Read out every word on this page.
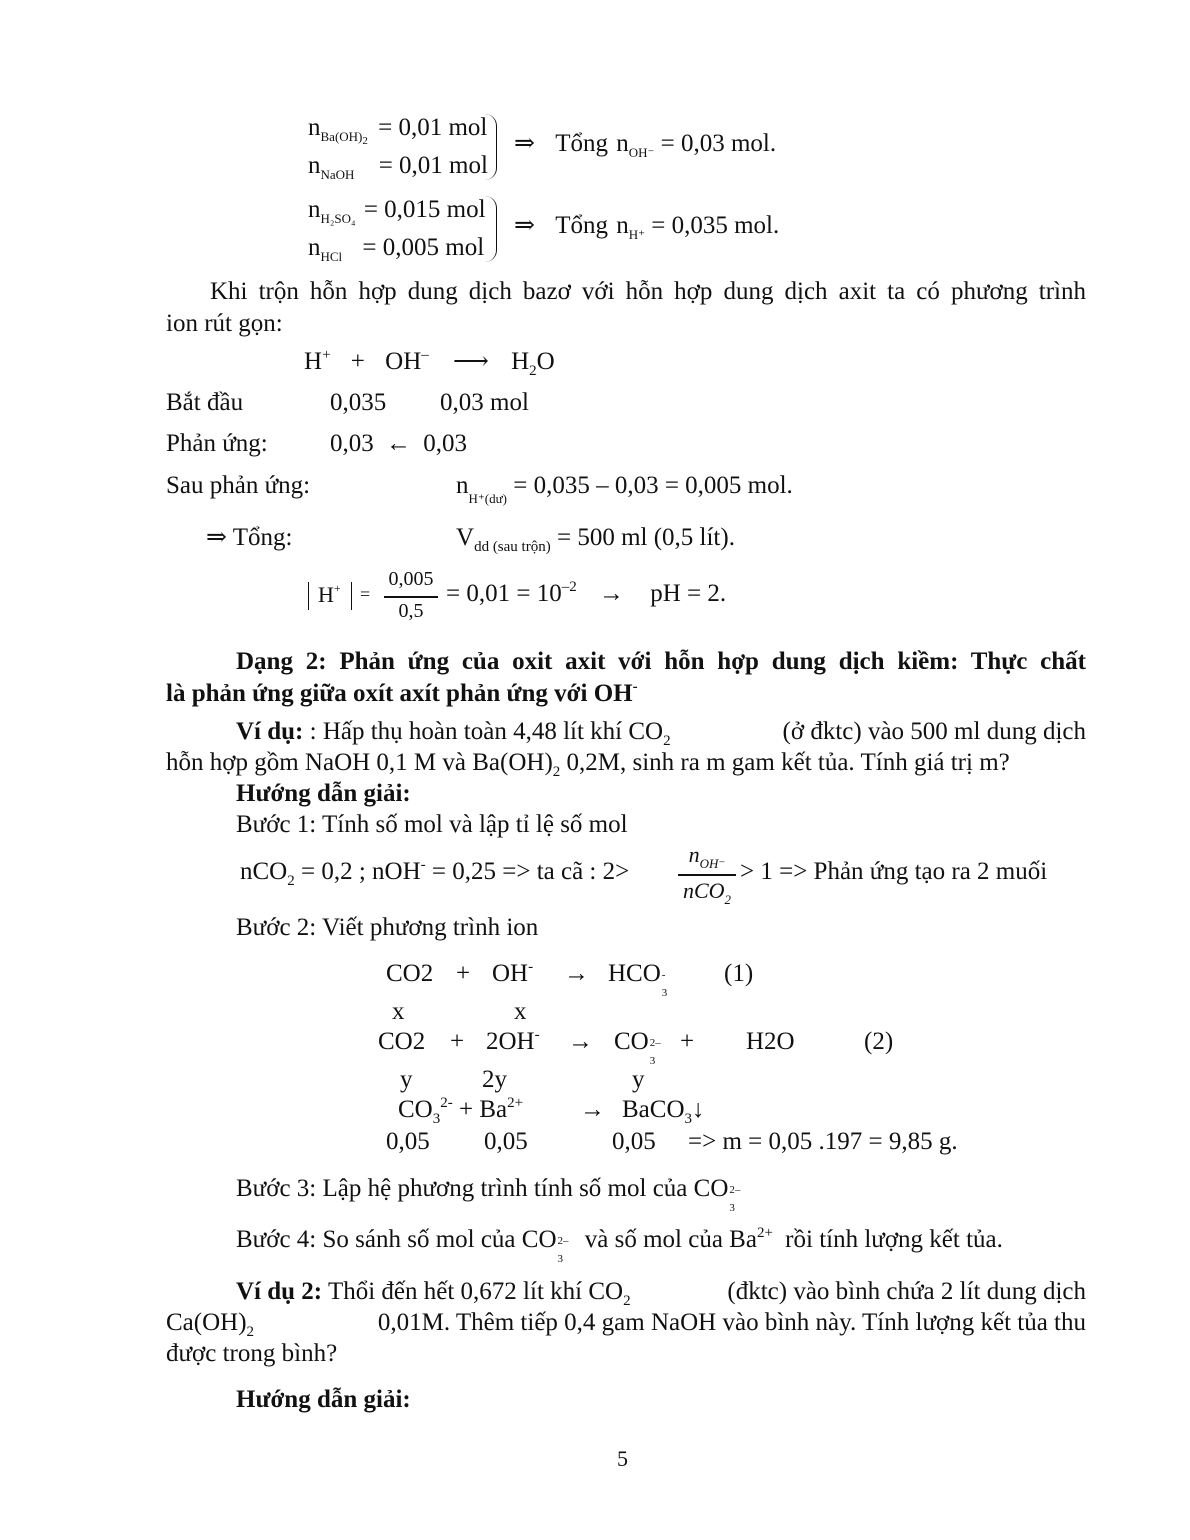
$n_{Ba(OH)_2} = 0,01$ mol
$n_{NaOH} = 0,01$ mol
⇒ Tổng $n_{OH^-} = 0,03$ mol.
$n_{H_2SO_4} = 0,015$ mol
$n_{HCl} = 0,005$ mol
⇒ Tổng $n_{H^+} = 0,035$ mol.
Khi trộn hỗn hợp dung dịch bazơ với hỗn hợp dung dịch axit ta có phương trình
ion rút gọn:
H+ + OH– ⟶ $H_2O$
Bắt đầu	0,035 0,03 mol
Phản ứng: 0,03 ← 0,03
Sau phản ứng:	$n_{H^+(dư)} = 0,035 - 0,03 = 0,005$ mol.
⇒ Tổng:	$V_{dd (sau trộn)} = 500$ ml (0,5 lít).
H+ =
0,005
0,5
= $0,01 = 10^{-2}$ → pH = 2.
Dạng 2: Phản ứng của oxit axit với hỗn hợp dung dịch kiềm: Thực chất
là phản ứng giữa oxít axít phản ứng với OH-
Ví dụ: : Hấp thụ hoàn toàn 4,48 lít khí $CO_2$	(ở đktc) vào 500 ml dung dịch
hỗn hợp gồm NaOH 0,1 M và $Ba(OH)_2$ 0,2M, sinh ra m gam kết tủa. Tính giá trị m?
Hướng dẫn giải:
Bước 1: Tính số mol và lập tỉ lệ số mol
nCO$_2$ = 0,2 ; nOH- = 0,25 => ta cã : 2>
$n_{OH^-}$
nCO$_2$
> 1 => Phản ứng tạo ra 2 muối
Bước 2: Viết phương trình ion
CO2 + OH- → HCO -
3
(1)
x	x
CO2 + 2OH- → CO 2–
3
+ H2O	(2)
y	2y	y
$CO_3^{2-} + Ba^{2+}$ → BaCO$_3$↓
0,05 0,05	0,05 => m = 0,05 .197 = 9,85 g.
Bước 3: Lập hệ phương trình tính số mol của CO 2–
3
Bước 4: So sánh số mol của CO 2–
3
và số mol của $Ba^{2+}$ rồi tính lượng kết tủa.
Ví dụ 2: Thổi đến hết 0,672 lít khí $CO_2$	(đktc) vào bình chứa 2 lít dung dịch
$Ca(OH)_2$	0,01M. Thêm tiếp 0,4 gam NaOH vào bình này. Tính lượng kết tủa thu
được trong bình?
Hướng dẫn giải:
5
